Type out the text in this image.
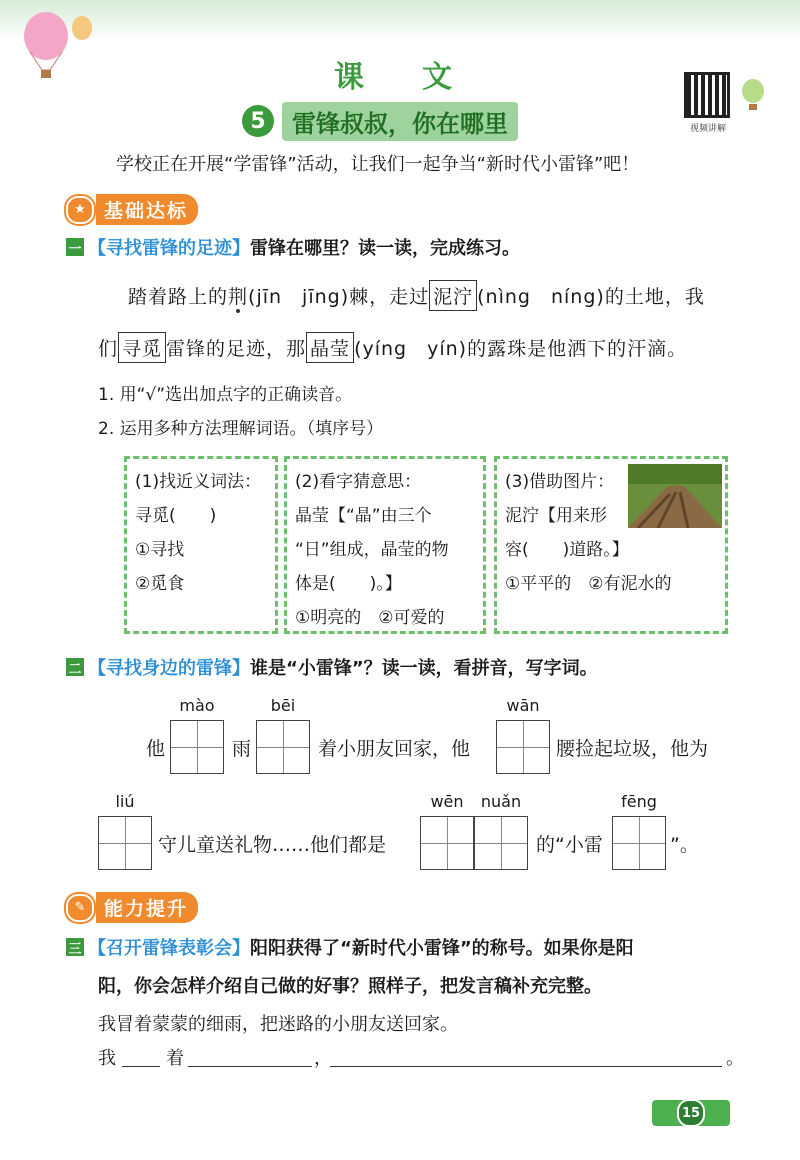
课　文
5	雷锋叔叔，你在哪里	视频讲解
学校正在开展“学雷锋”活动，让我们一起争当“新时代小雷锋”吧！
★ 基础达标
一 【寻找雷锋的足迹】 雷锋在哪里？读一读，完成练习。
踏着路上的荆(jīn　jīng)棘，走过 泥泞 (nìng　níng)的土地，我
们 寻觅 雷锋的足迹，那 晶莹 (yíng　yín)的露珠是他洒下的汗滴。
1. 用“√”选出加点字的正确读音。
2. 运用多种方法理解词语。（填序号）
(1)找近义词法：
寻觅(　　)
①寻找
②觅食
(2)看字猜意思：
晶莹【“晶”由三个
“日”组成，晶莹的物
体是(　　)。】
①明亮的　②可爱的
(3)借助图片：
泥泞【用来形
容(　　)道路。】
①平平的　②有泥水的
二 【寻找身边的雷锋】 谁是“小雷锋”？读一读，看拼音，写字词。
他
mào
雨
bēi
着小朋友回家，他
wān
腰捡起垃圾，他为
liú
守儿童送礼物……他们都是
wēn	nuǎn
的“小雷
fēng
”。
✎ 能力提升
三 【召开雷锋表彰会】 阳阳获得了“新时代小雷锋”的称号。如果你是阳
阳，你会怎样介绍自己做的好事？照样子，把发言稿补充完整。
我冒着蒙蒙的细雨，把迷路的小朋友送回家。
我	着	，	。
15
